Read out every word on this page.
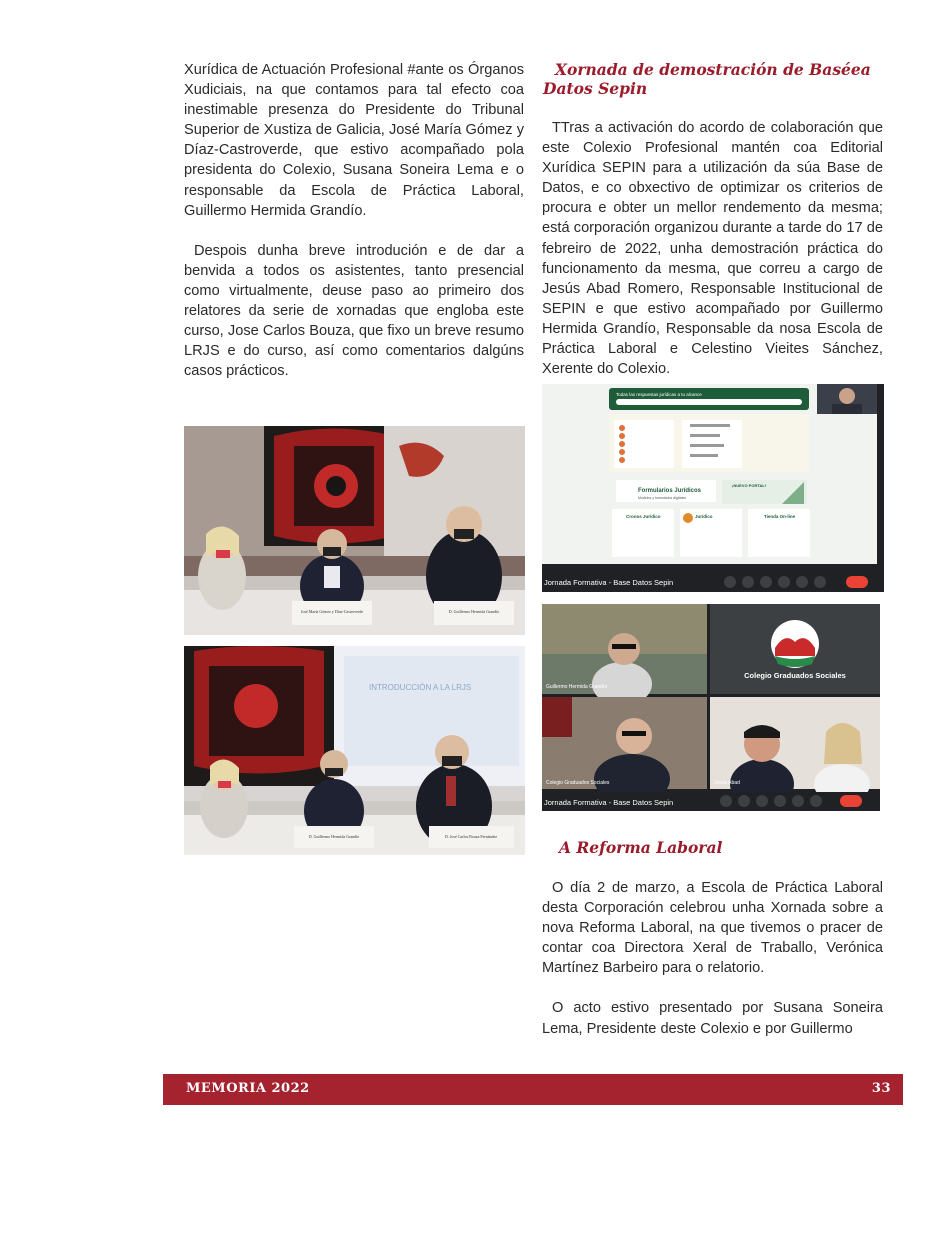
Xurídica de Actuación Profesional #ante os Órganos Xudiciais, na que contamos para tal efecto coa inestimable presenza do Presidente do Tribunal Superior de Xustiza de Galicia, José María Gómez y Díaz-Castroverde, que estivo acompañado pola presidenta do Colexio, Susana Soneira Lema e o responsable da Escola de Práctica Laboral, Guillermo Hermida Grandío.

Despois dunha breve introdución e de dar a benvida a todos os asistentes, tanto presencial como virtualmente, deuse paso ao primeiro dos relatores da serie de xornadas que engloba este curso, Jose Carlos Bouza, que fixo un breve resumo LRJS e do curso, así como comentarios dalgúns casos prácticos.

José María Gómez y Díaz-Castroverde	D. Guillermo Hermida Grandío
INTRODUCCIÓN A LA LRJS
D. Guillermo Hermida Grandío	D. José Carlos Bouza Fernández
Xornada de demostración de Baséea Datos Sepin

TTras a activación do acordo de colaboración que este Colexio Profesional mantén coa Editorial Xurídica SEPIN para a utilización da súa Base de Datos, e co obxectivo de optimizar os criterios de procura e obter un mellor rendemento da mesma; está corporación organizou durante a tarde do 17 de febreiro de 2022, unha demostración práctica do funcionamento da mesma, que correu a cargo de Jesús Abad Romero, Responsable Institucional de SEPIN e que estivo acompañado por Guillermo Hermida Grandío, Responsable da nosa Escola de Práctica Laboral e Celestino Vieites Sánchez, Xerente do Colexio.

Todas las respuestas jurídicas a tu alcance
Formularios Jurídicos
Modelos y formularios digitales
¡NUEVO PORTAL!
Cronos Jurídico	Jurídico	Tienda On-line
Jornada Formativa - Base Datos Sepin
Guillermo Hermida Grandío
Colegio Graduados Sociales
Colegio Graduados Sociales	Jesús Abad
Jornada Formativa - Base Datos Sepin
A Reforma Laboral

O día 2 de marzo, a Escola de Práctica Laboral desta Corporación celebrou unha Xornada sobre a nova Reforma Laboral, na que tivemos o pracer de contar coa Directora Xeral de Traballo, Verónica Martínez Barbeiro para o relatorio.

O acto estivo presentado por Susana Soneira Lema, Presidente deste Colexio e por Guillermo

MEMORIA 2022	33
